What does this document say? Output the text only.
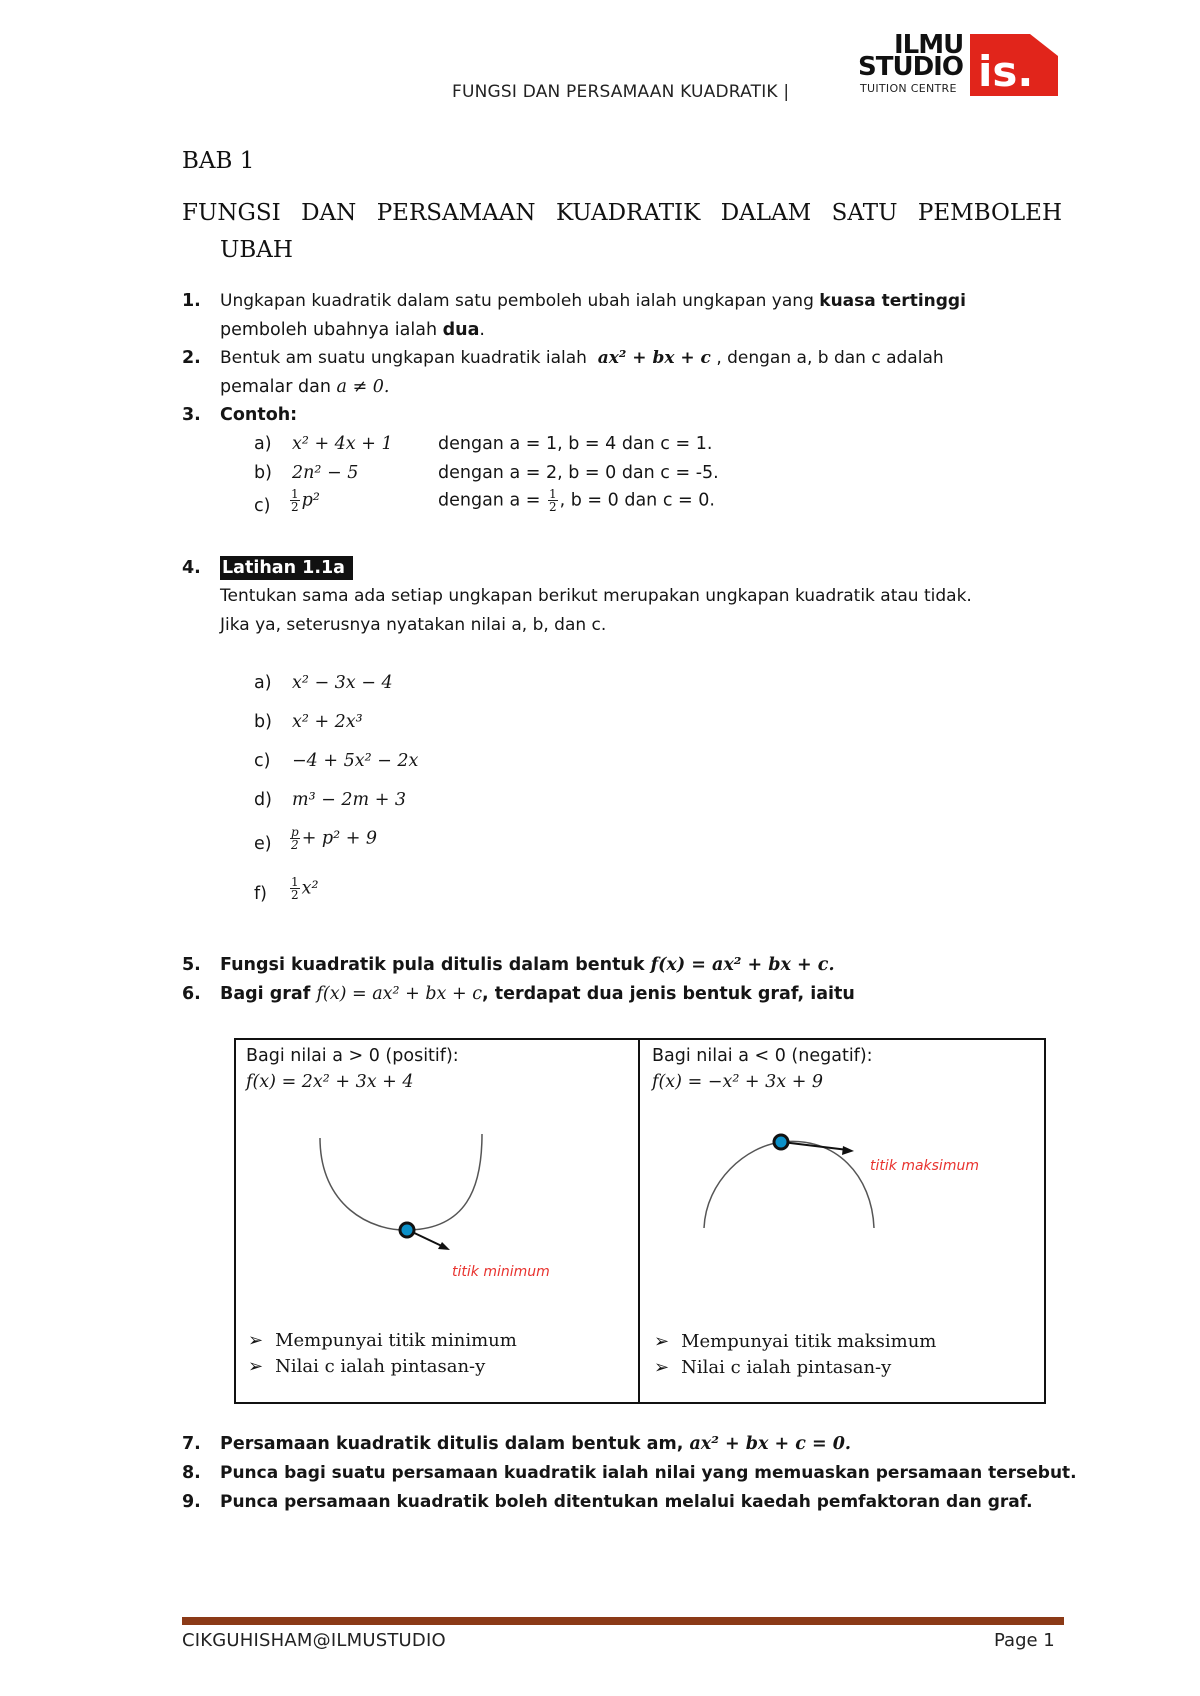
FUNGSI DAN PERSAMAAN KUADRATIK |
ILMU
STUDIO
TUITION CENTRE is.
BAB 1
FUNGSI DAN PERSAMAAN KUADRATIK DALAM SATU PEMBOLEH
UBAH
1. Ungkapan kuadratik dalam satu pemboleh ubah ialah ungkapan yang kuasa tertinggi
pemboleh ubahnya ialah dua.
2. Bentuk am suatu ungkapan kuadratik ialah ax² + bx + c , dengan a, b dan c adalah
pemalar dan a ≠ 0.
3. Contoh:
a) x² + 4x + 1	dengan a = 1, b = 4 dan c = 1.
b) 2n² − 5	dengan a = 2, b = 0 dan c = -5.
$c) \frac{1}{2} p^2$	dengan $a = \frac{1}{2}$ , b = 0 dan c = 0.
4. Latihan 1.1a
Tentukan sama ada setiap ungkapan berikut merupakan ungkapan kuadratik atau tidak.
Jika ya, seterusnya nyatakan nilai a, b, dan c.
a) x² − 3x − 4
b) x² + 2x³
c) −4 + 5x² − 2x
d) m³ − 2m + 3
$e) \frac{p}{2} + p^2 + 9$
$f) \frac{1}{2} x^2$
5. Fungsi kuadratik pula ditulis dalam bentuk f(x) = ax² + bx + c.
6. Bagi graf f(x) = ax² + bx + c, terdapat dua jenis bentuk graf, iaitu
Bagi nilai a > 0 (positif):
f(x) = 2x² + 3x + 4
Bagi nilai a < 0 (negatif):
f(x) = −x² + 3x + 9
titik minimum
titik maksimum
➢ Mempunyai titik minimum
➢ Nilai c ialah pintasan-y
➢ Mempunyai titik maksimum
➢ Nilai c ialah pintasan-y
7. Persamaan kuadratik ditulis dalam bentuk am, ax² + bx + c = 0.
8. Punca bagi suatu persamaan kuadratik ialah nilai yang memuaskan persamaan tersebut.
9. Punca persamaan kuadratik boleh ditentukan melalui kaedah pemfaktoran dan graf.
CIKGUHISHAM@ILMUSTUDIO	Page 1
